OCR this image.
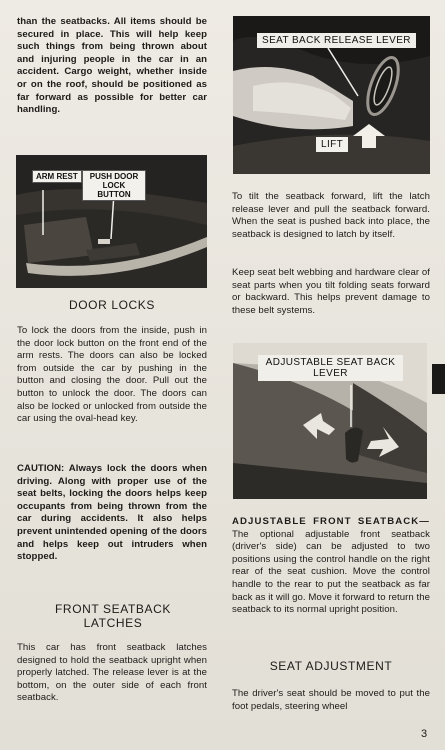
than the seatbacks. All items should be secured in place. This will help keep such things from being thrown about and injuring people in the car in an accident. Cargo weight, whether inside or on the roof, should be positioned as far forward as possible for better car handling.

ARM REST	PUSH DOOR LOCK BUTTON
DOOR LOCKS

To lock the doors from the inside, push in the door lock button on the front end of the arm rests. The doors can also be locked from outside the car by pushing in the button and closing the door. Pull out the button to unlock the door. The doors can also be locked or unlocked from outside the car using the oval-head key.

CAUTION: Always lock the doors when driving. Along with proper use of the seat belts, locking the doors helps keep occupants from being thrown from the car during accidents. It also helps prevent unintended opening of the doors and helps keep out intruders when stopped.

FRONT SEATBACK LATCHES

This car has front seatback latches designed to hold the seatback upright when properly latched. The release lever is at the bottom, on the outer side of each front seatback.

SEAT BACK RELEASE LEVER
LIFT

To tilt the seatback forward, lift the latch release lever and pull the seatback forward. When the seat is pushed back into place, the seatback is designed to latch by itself.

Keep seat belt webbing and hardware clear of seat parts when you tilt folding seats forward or backward. This helps prevent damage to these belt systems.

ADJUSTABLE SEAT BACK LEVER

ADJUSTABLE FRONT SEATBACK— The optional adjustable front seatback (driver's side) can be adjusted to two positions using the control handle on the right rear of the seat cushion. Move the control handle to the rear to put the seatback as far back as it will go. Move it forward to return the seatback to its normal upright position.

SEAT ADJUSTMENT

The driver's seat should be moved to put the foot pedals, steering wheel

3
